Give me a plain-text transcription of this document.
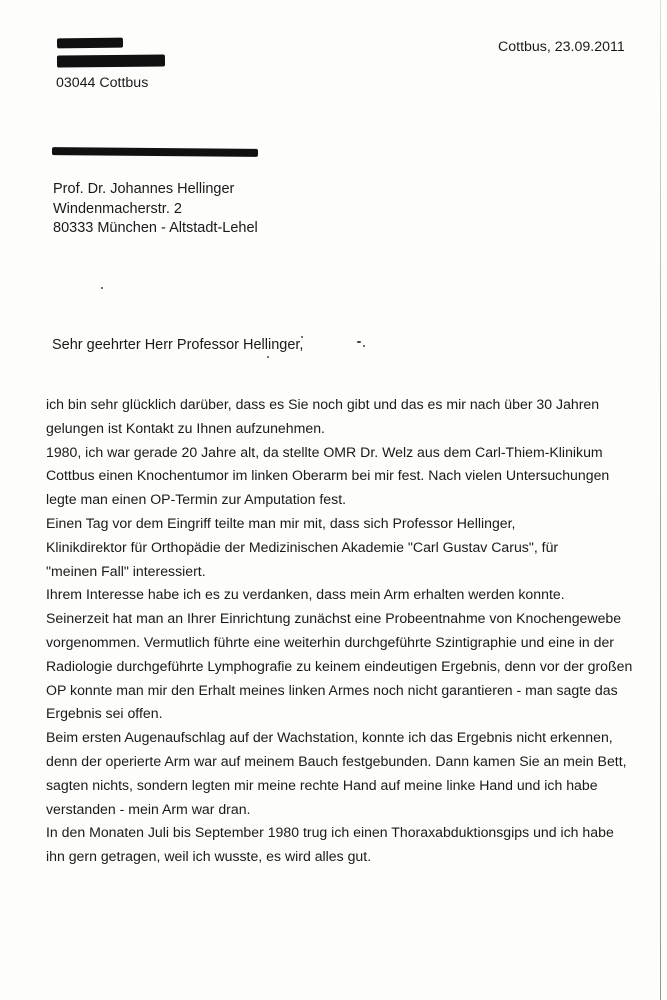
03044 Cottbus
Cottbus, 23.09.2011
Prof. Dr. Johannes Hellinger
Windenmacherstr. 2
80333 München - Altstadt-Lehel
Sehr geehrter Herr Professor Hellinger,
ich bin sehr glücklich darüber, dass es Sie noch gibt und das es mir nach über 30 Jahren
gelungen ist Kontakt zu Ihnen aufzunehmen.
1980, ich war gerade 20 Jahre alt, da stellte OMR Dr. Welz aus dem Carl-Thiem-Klinikum
Cottbus einen Knochentumor im linken Oberarm bei mir fest. Nach vielen Untersuchungen
legte man einen OP-Termin zur Amputation fest.
Einen Tag vor dem Eingriff teilte man mir mit, dass sich Professor Hellinger,
Klinikdirektor für Orthopädie der Medizinischen Akademie "Carl Gustav Carus", für
"meinen Fall" interessiert.
Ihrem Interesse habe ich es zu verdanken, dass mein Arm erhalten werden konnte.
Seinerzeit hat man an Ihrer Einrichtung zunächst eine Probeentnahme von Knochengewebe
vorgenommen. Vermutlich führte eine weiterhin durchgeführte Szintigraphie und eine in der
Radiologie durchgeführte Lymphografie zu keinem eindeutigen Ergebnis, denn vor der großen
OP konnte man mir den Erhalt meines linken Armes noch nicht garantieren - man sagte das
Ergebnis sei offen.
Beim ersten Augenaufschlag auf der Wachstation, konnte ich das Ergebnis nicht erkennen,
denn der operierte Arm war auf meinem Bauch festgebunden. Dann kamen Sie an mein Bett,
sagten nichts, sondern legten mir meine rechte Hand auf meine linke Hand und ich habe
verstanden - mein Arm war dran.
In den Monaten Juli bis September 1980 trug ich einen Thoraxabduktionsgips und ich habe
ihn gern getragen, weil ich wusste, es wird alles gut.
